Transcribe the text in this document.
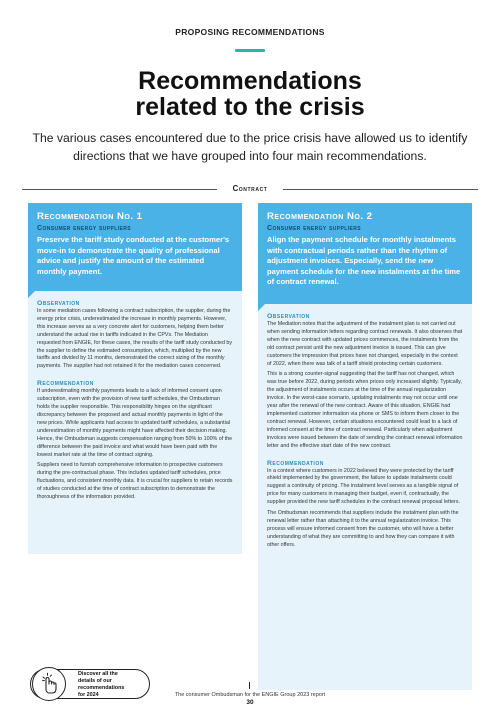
PROPOSING RECOMMENDATIONS
Recommendations
related to the crisis

The various cases encountered due to the price crisis have allowed us to identify directions that we have grouped into four main recommendations.

Contract
Recommendation No. 1
Consumer energy suppliers
Preserve the tariff study conducted at the customer's move-in to demonstrate the quality of professional advice and justify the amount of the estimated monthly payment.
Observation

In some mediation cases following a contract subscription, the supplier, during the energy price crisis, underestimated the increase in monthly payments. However, this increase serves as a very concrete alert for customers, helping them better understand the actual rise in tariffs indicated in the CPVs. The Mediation requested from ENGIE, for these cases, the results of the tariff study conducted by the supplier to define the estimated consumption, which, multiplied by the new tariffs and divided by 11 months, demonstrated the correct sizing of the monthly payments. The supplier had not retained it for the mediation cases concerned.

Recommendation

If underestimating monthly payments leads to a lack of informed consent upon subscription, even with the provision of new tariff schedules, the Ombudsman holds the supplier responsible. This responsibility hinges on the significant discrepancy between the proposed and actual monthly payments in light of the new prices. While applicants had access to updated tariff schedules, a substantial underestimation of monthly payments might have affected their decision making. Hence, the Ombudsman suggests compensation ranging from 50% to 100% of the difference between the paid invoice and what would have been paid with the lowest market rate at the time of contract signing.

Suppliers need to furnish comprehensive information to prospective customers during the pre-contractual phase. This includes updated tariff schedules, price fluctuations, and consistent monthly data. It is crucial for suppliers to retain records of studies conducted at the time of contract subscription to demonstrate the thoroughness of the information provided.

Recommendation No. 2
Consumer energy suppliers
Align the payment schedule for monthly instalments with contractual periods rather than the rhythm of adjustment invoices. Especially, send the new payment schedule for the new instalments at the time of contract renewal.
Observation

The Mediation notes that the adjustment of the instalment plan is not carried out when sending information letters regarding contract renewals. It also observes that when the new contract with updated prices commences, the instalments from the old contract persist until the new adjustment invoice is issued. This can give customers the impression that prices have not changed, especially in the context of 2022, when there was talk of a tariff shield protecting certain customers.

This is a strong counter-signal suggesting that the tariff has not changed, which was true before 2022, during periods when prices only increased slightly. Typically, the adjustment of instalments occurs at the time of the annual regularization invoice. In the worst-case scenario, updating instalments may not occur until one year after the renewal of the new contract. Aware of this situation, ENGIE had implemented customer information via phone or SMS to inform them closer to the contract renewal. However, certain situations encountered could lead to a lack of informed consent at the time of contract renewal. Particularly when adjustment invoices were issued between the date of sending the contract renewal information letter and the effective start date of the new contract.

Recommendation

In a context where customers in 2022 believed they were protected by the tariff shield implemented by the government, the failure to update instalments could suggest a continuity of pricing. The instalment level serves as a tangible signal of price for many customers in managing their budget, even if, contractually, the supplier provided the new tariff schedules in the contract renewal proposal letters.

The Ombudsman recommends that suppliers include the instalment plan with the renewal letter rather than attaching it to the annual regularization invoice. This process will ensure informed consent from the customer, who will have a better understanding of what they are committing to and how they can compare it with other offers.

Discover all the
details of our
recommendations
for 2024	The consumer Ombudsman for the ENGIE Group 2023 report
30
